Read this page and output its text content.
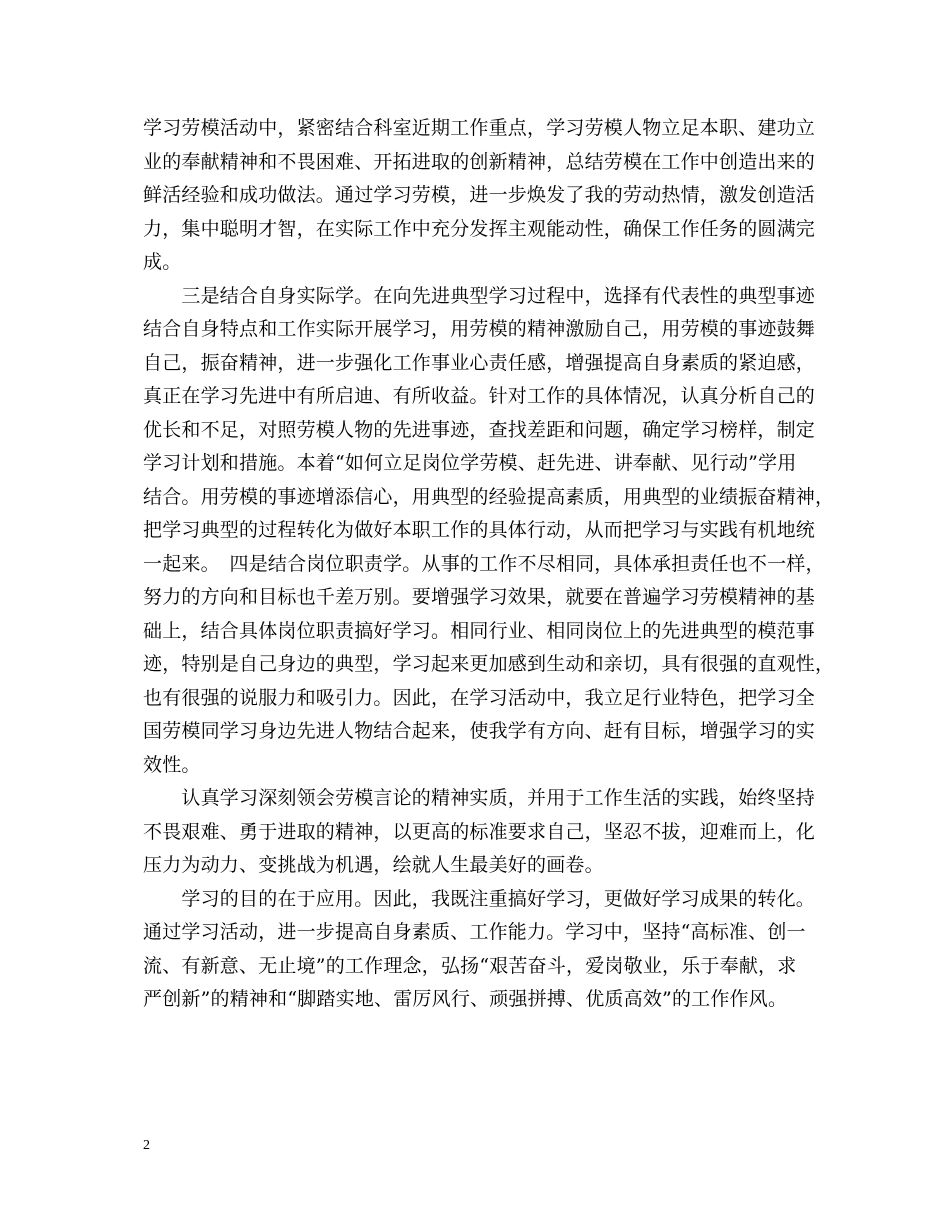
学习劳模活动中，紧密结合科室近期工作重点，学习劳模人物立足本职、建功立
业的奉献精神和不畏困难、开拓进取的创新精神，总结劳模在工作中创造出来的
鲜活经验和成功做法。通过学习劳模，进一步焕发了我的劳动热情，激发创造活
力，集中聪明才智，在实际工作中充分发挥主观能动性，确保工作任务的圆满完
成。
　　三是结合自身实际学。在向先进典型学习过程中，选择有代表性的典型事迹
结合自身特点和工作实际开展学习，用劳模的精神激励自己，用劳模的事迹鼓舞
自己，振奋精神，进一步强化工作事业心责任感，增强提高自身素质的紧迫感，
真正在学习先进中有所启迪、有所收益。针对工作的具体情况，认真分析自己的
优长和不足，对照劳模人物的先进事迹，查找差距和问题，确定学习榜样，制定
学习计划和措施。本着“如何立足岗位学劳模、赶先进、讲奉献、见行动”学用
结合。用劳模的事迹增添信心，用典型的经验提高素质，用典型的业绩振奋精神，
把学习典型的过程转化为做好本职工作的具体行动，从而把学习与实践有机地统
一起来。　四是结合岗位职责学。从事的工作不尽相同，具体承担责任也不一样，
努力的方向和目标也千差万别。要增强学习效果，就要在普遍学习劳模精神的基
础上，结合具体岗位职责搞好学习。相同行业、相同岗位上的先进典型的模范事
迹，特别是自己身边的典型，学习起来更加感到生动和亲切，具有很强的直观性，
也有很强的说服力和吸引力。因此，在学习活动中，我立足行业特色，把学习全
国劳模同学习身边先进人物结合起来，使我学有方向、赶有目标，增强学习的实
效性。
　　认真学习深刻领会劳模言论的精神实质，并用于工作生活的实践，始终坚持
不畏艰难、勇于进取的精神，以更高的标准要求自己，坚忍不拔，迎难而上，化
压力为动力、变挑战为机遇，绘就人生最美好的画卷。
　　学习的目的在于应用。因此，我既注重搞好学习，更做好学习成果的转化。
通过学习活动，进一步提高自身素质、工作能力。学习中，坚持“高标准、创一
流、有新意、无止境”的工作理念，弘扬“艰苦奋斗，爱岗敬业，乐于奉献，求
严创新”的精神和“脚踏实地、雷厉风行、顽强拼搏、优质高效”的工作作风。
2
